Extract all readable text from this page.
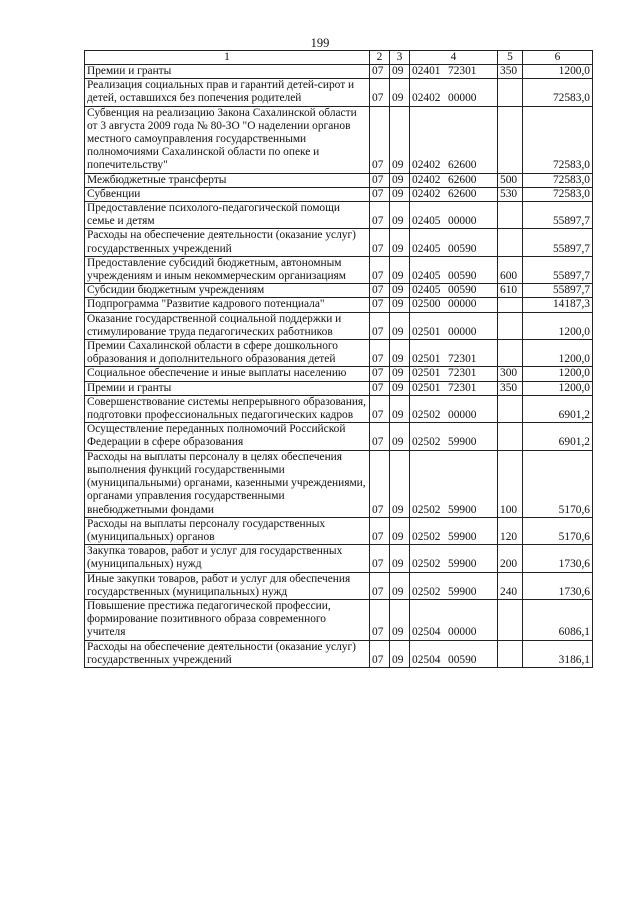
199
1	2	3	4	5	6
Премии и гранты	07	09	02401 72301	350	1200,0
Реализация социальных прав и гарантий детей-сирот и детей, оставшихся без попечения родителей	07	09	02402 00000		72583,0
Субвенция на реализацию Закона Сахалинской области от 3 августа 2009 года № 80-ЗО "О наделении органов местного самоуправления государственными полномочиями Сахалинской области по опеке и попечительству"	07	09	02402 62600		72583,0
Межбюджетные трансферты	07	09	02402 62600	500	72583,0
Субвенции	07	09	02402 62600	530	72583,0
Предоставление психолого-педагогической помощи семье и детям	07	09	02405 00000		55897,7
Расходы на обеспечение деятельности (оказание услуг) государственных учреждений	07	09	02405 00590		55897,7
Предоставление субсидий бюджетным, автономным учреждениям и иным некоммерческим организациям	07	09	02405 00590	600	55897,7
Субсидии бюджетным учреждениям	07	09	02405 00590	610	55897,7
Подпрограмма "Развитие кадрового потенциала"	07	09	02500 00000		14187,3
Оказание государственной социальной поддержки и стимулирование труда педагогических работников	07	09	02501 00000		1200,0
Премии Сахалинской области в сфере дошкольного образования и дополнительного образования детей	07	09	02501 72301		1200,0
Социальное обеспечение и иные выплаты населению	07	09	02501 72301	300	1200,0
Премии и гранты	07	09	02501 72301	350	1200,0
Совершенствование системы непрерывного образования, подготовки профессиональных педагогических кадров	07	09	02502 00000		6901,2
Осуществление переданных полномочий Российской Федерации в сфере образования	07	09	02502 59900		6901,2
Расходы на выплаты персоналу в целях обеспечения выполнения функций государственными (муниципальными) органами, казенными учреждениями, органами управления государственными внебюджетными фондами	07	09	02502 59900	100	5170,6
Расходы на выплаты персоналу государственных (муниципальных) органов	07	09	02502 59900	120	5170,6
Закупка товаров, работ и услуг для государственных (муниципальных) нужд	07	09	02502 59900	200	1730,6
Иные закупки товаров, работ и услуг для обеспечения государственных (муниципальных) нужд	07	09	02502 59900	240	1730,6
Повышение престижа педагогической профессии, формирование позитивного образа современного учителя	07	09	02504 00000		6086,1
Расходы на обеспечение деятельности (оказание услуг) государственных учреждений	07	09	02504 00590		3186,1
